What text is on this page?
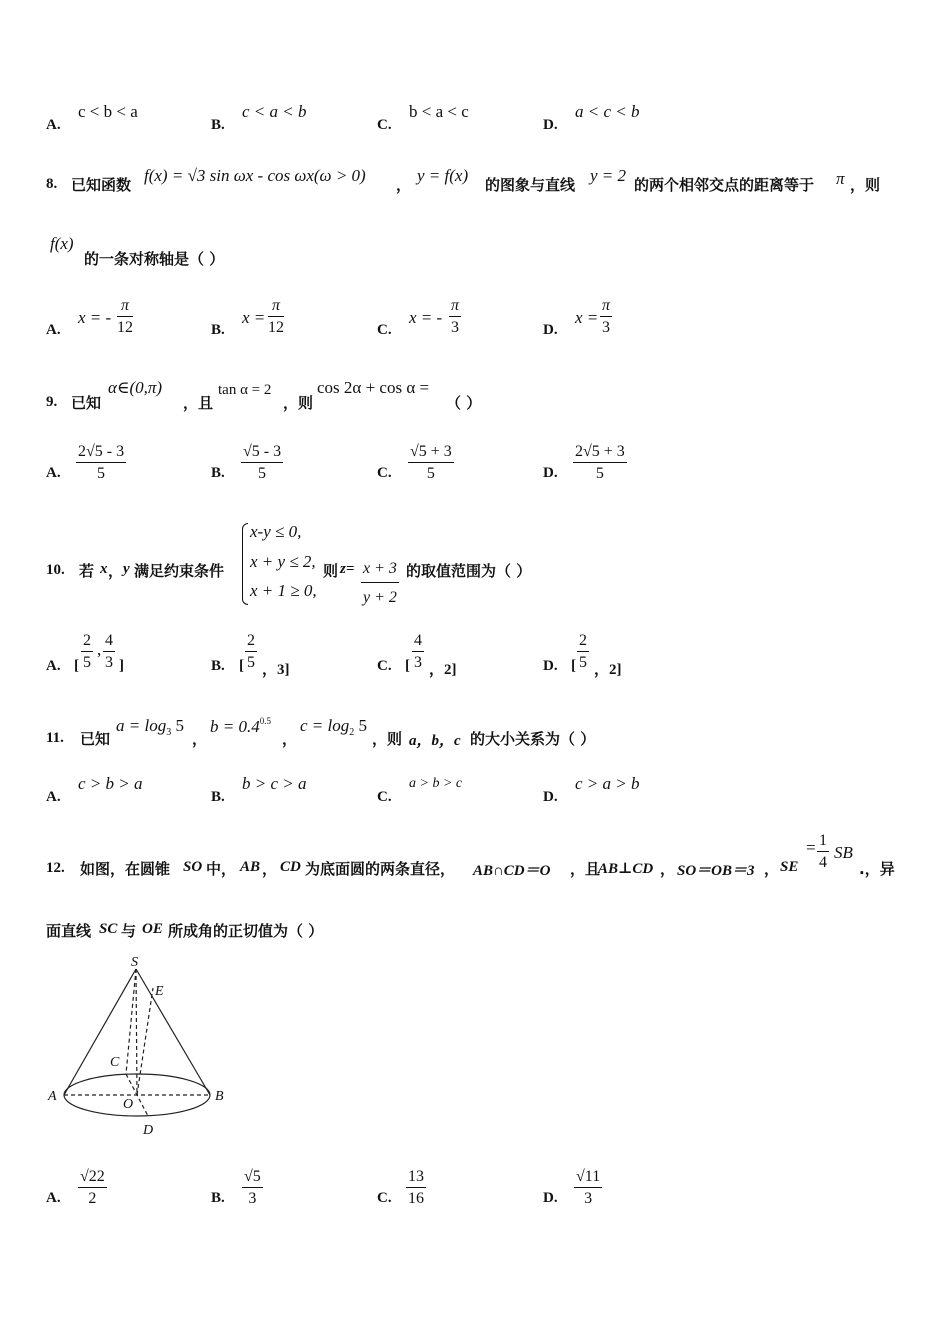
A.
c < b < a
B.
c < a < b
C.
b < a < c
D.
a < c < b
8. 已知函数 f(x) = √3 sin ωx - cos ωx(ω > 0) ， y = f(x) 的图象与直线 y = 2 的两个相邻交点的距离等于 π ，则
f(x)
的一条对称轴是（ ）
A.
x = -
π
12	B.
x =
π
12	C.
x = -
π
3	D.
x =
π
3
9. 已知
α∈(0,π)
，且
tan α = 2
，则
cos 2α + cos α =
（ ）
A.
2√5 - 3
5	B.
√5 - 3
5	C.
√5 + 3
5	D.
2√5 + 3
5
10. 若 x ， y 满足约束条件
x-y ≤ 0,
x + y ≤ 2,
x + 1 ≥ 0,
则 z= x + 3
y + 2
的取值范围为（ ）
A. [
2
5
, 4
3 ]	B. [
2
5 ，3]	C. [
4
3 ，2]	D. [
2
5 ，2]
11. 已知
$a = \log_3 5$
，
$b = 0.4^{0.5}$
，
$c = \log_2 5$
，则 a，b，c 的大小关系为（ ）
A.
c > b > a
B.
b > c > a
C.
a > b > c
D.
c > a > b
12. 如图，在圆锥 SO 中， AB ， CD 为底面圆的两条直径， AB∩CD＝O ，且
AB⊥CD ， SO＝OB＝3 ， SE
= 1
4
SB
.，异
面直线 SC 与 OE 所成角的正切值为（ ）
S
E
C
A
O
B
D
A.
√22
2	B.
√5
3	C.
13
16	D.
√11
3
